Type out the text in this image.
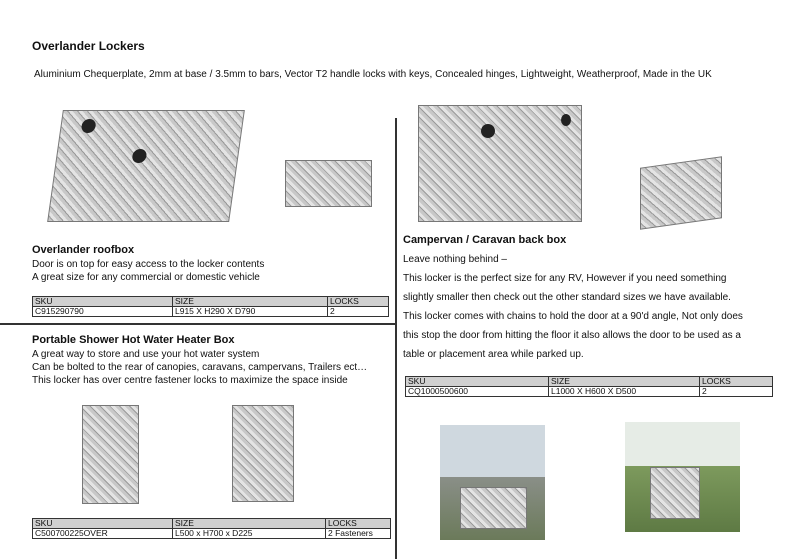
Overlander Lockers
Aluminium Chequerplate, 2mm at base / 3.5mm to bars, Vector T2 handle locks with keys, Concealed hinges, Lightweight, Weatherproof, Made in the UK
Overlander roofbox
Door is on top for easy access to the locker contents
A great size for any commercial or domestic vehicle
SKU	SIZE	LOCKS
C915290790	L915 X H290 X D790	2
Portable Shower Hot Water Heater Box
A great way to store and use your hot water system
Can be bolted to the rear of canopies, caravans, campervans, Trailers ect…
This locker has over centre fastener locks to maximize the space inside
SKU	SIZE	LOCKS
C500700225OVER	L500 x H700 x D225	2 Fasteners
Campervan / Caravan back box
Leave nothing behind –
This locker is the perfect size for any RV, However if you need something
slightly smaller then check out the other standard sizes we have available.
This locker comes with chains to hold the door at a 90'd angle, Not only does
this stop the door from hitting the floor it also allows the door to be used as a
table or placement area while parked up.
SKU	SIZE	LOCKS
CQ1000500600	L1000 X H600 X D500	2
